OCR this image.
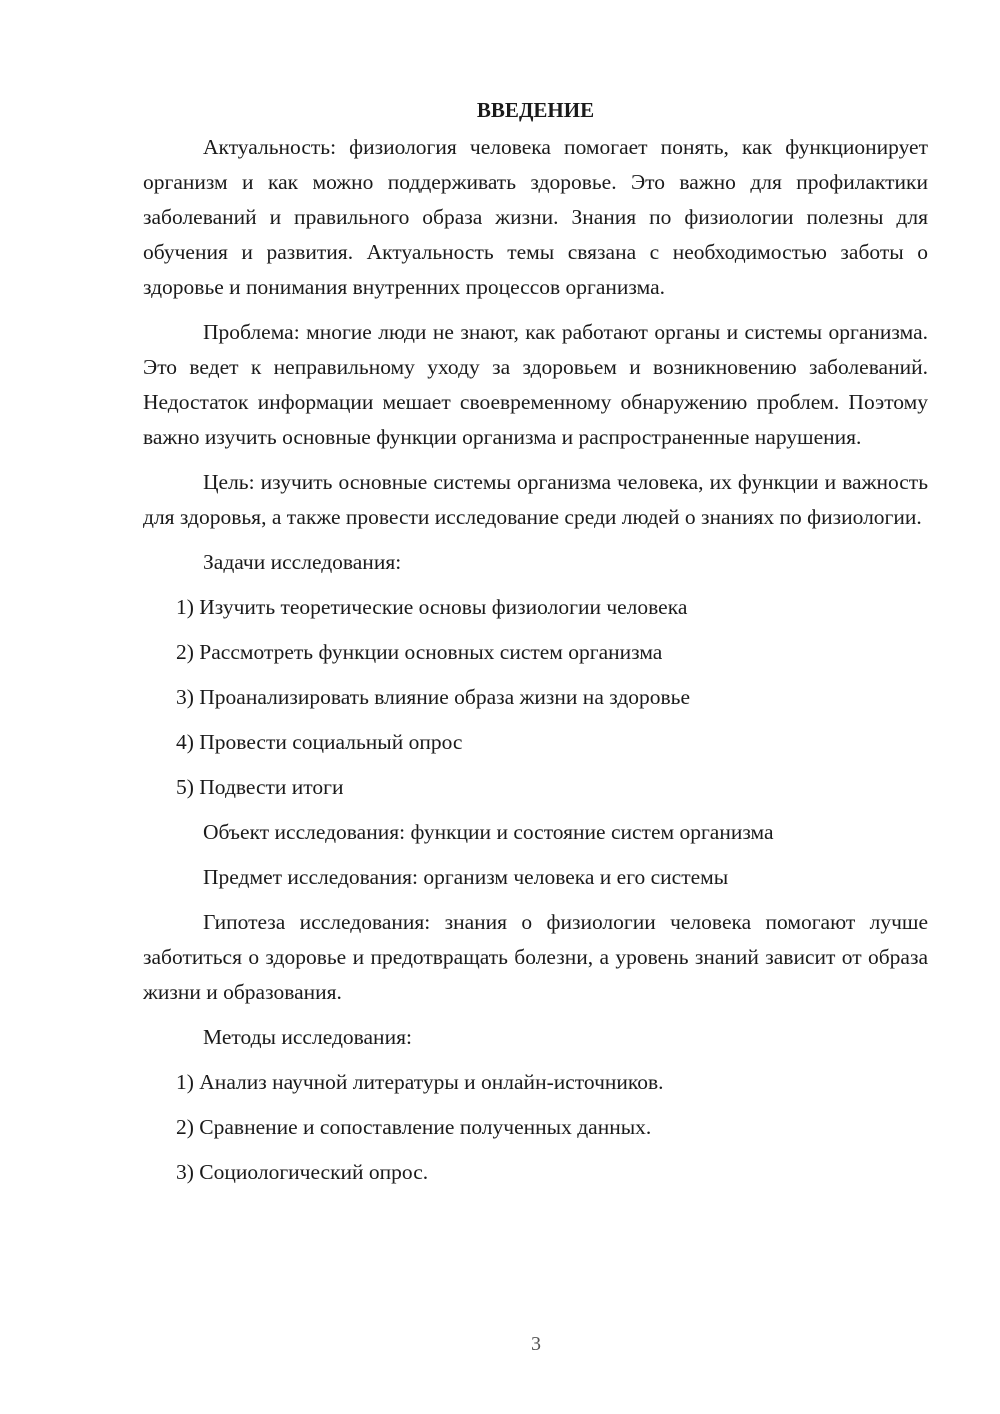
ВВЕДЕНИЕ
Актуальность: физиология человека помогает понять, как функционирует организм и как можно поддерживать здоровье. Это важно для профилактики заболеваний и правильного образа жизни. Знания по физиологии полезны для обучения и развития. Актуальность темы связана с необходимостью заботы о здоровье и понимания внутренних процессов организма.
Проблема: многие люди не знают, как работают органы и системы организма. Это ведет к неправильному уходу за здоровьем и возникновению заболеваний. Недостаток информации мешает своевременному обнаружению проблем. Поэтому важно изучить основные функции организма и распространенные нарушения.
Цель: изучить основные системы организма человека, их функции и важность для здоровья, а также провести исследование среди людей о знаниях по физиологии.
Задачи исследования:
1) Изучить теоретические основы физиологии человека
2) Рассмотреть функции основных систем организма
3) Проанализировать влияние образа жизни на здоровье
4) Провести социальный опрос
5) Подвести итоги
Объект исследования: функции и состояние систем организма
Предмет исследования: организм человека и его системы
Гипотеза исследования: знания о физиологии человека помогают лучше заботиться о здоровье и предотвращать болезни, а уровень знаний зависит от образа жизни и образования.
Методы исследования:
1) Анализ научной литературы и онлайн-источников.
2) Сравнение и сопоставление полученных данных.
3) Социологический опрос.
3
